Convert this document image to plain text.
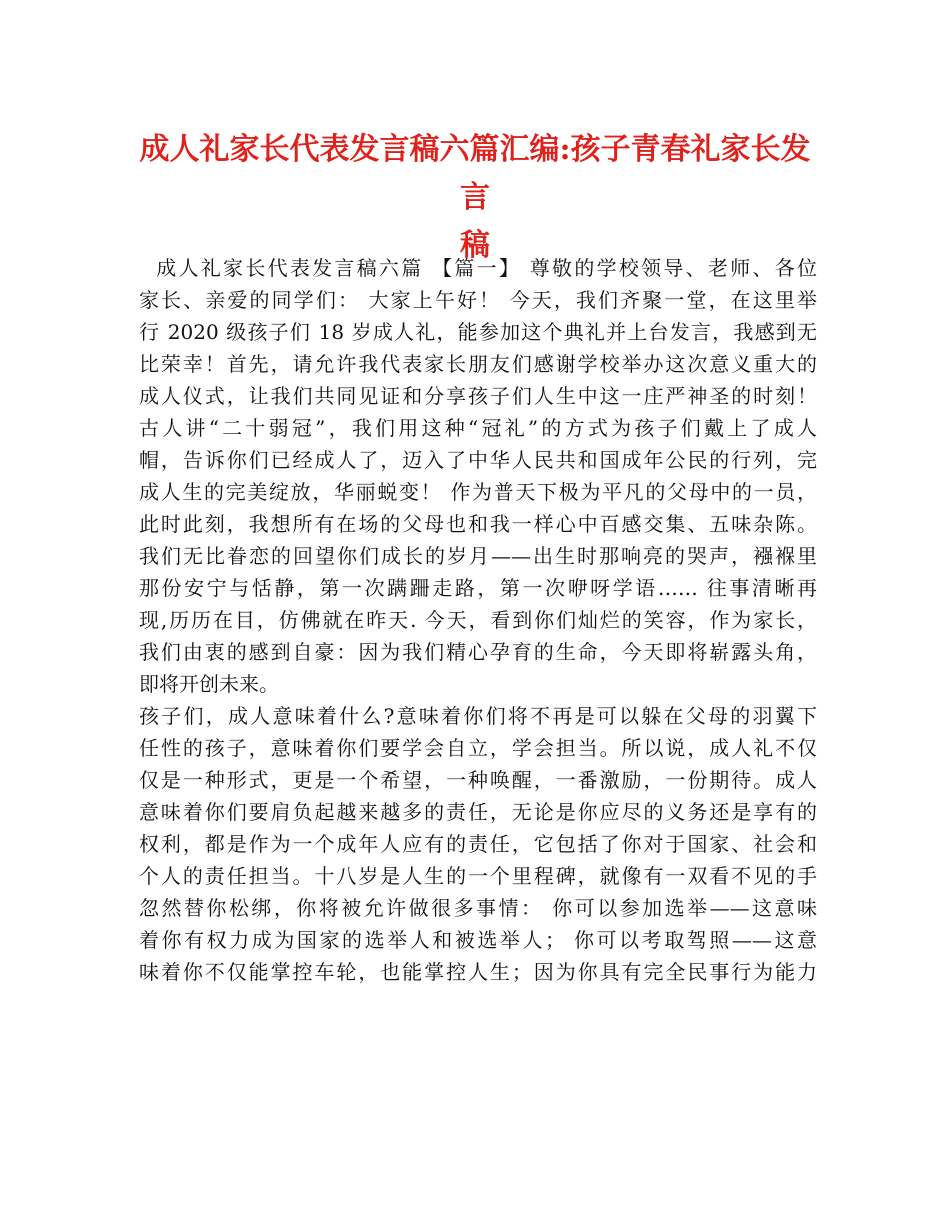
成人礼家长代表发言稿六篇汇编:孩子青春礼家长发言
稿
成人礼家长代表发言稿六篇 【篇一】 尊敬的学校领导、老师、各位
家长、亲爱的同学们： 大家上午好！ 今天，我们齐聚一堂，在这里举
行 2020 级孩子们 18 岁成人礼，能参加这个典礼并上台发言，我感到无
比荣幸！首先，请允许我代表家长朋友们感谢学校举办这次意义重大的
成人仪式，让我们共同见证和分享孩子们人生中这一庄严神圣的时刻！
古人讲“二十弱冠”，我们用这种“冠礼”的方式为孩子们戴上了成人
帽，告诉你们已经成人了，迈入了中华人民共和国成年公民的行列，完
成人生的完美绽放，华丽蜕变！ 作为普天下极为平凡的父母中的一员，
此时此刻，我想所有在场的父母也和我一样心中百感交集、五味杂陈。
我们无比眷恋的回望你们成长的岁月——出生时那响亮的哭声，襁褓里
那份安宁与恬静，第一次蹒跚走路，第一次咿呀学语…… 往事清晰再
现,历历在目，仿佛就在昨天. 今天，看到你们灿烂的笑容，作为家长，
我们由衷的感到自豪：因为我们精心孕育的生命，今天即将崭露头角，
即将开创未来。
孩子们，成人意味着什么?意味着你们将不再是可以躲在父母的羽翼下
任性的孩子，意味着你们要学会自立，学会担当。所以说，成人礼不仅
仅是一种形式，更是一个希望，一种唤醒，一番激励，一份期待。成人
意味着你们要肩负起越来越多的责任，无论是你应尽的义务还是享有的
权利，都是作为一个成年人应有的责任，它包括了你对于国家、社会和
个人的责任担当。十八岁是人生的一个里程碑，就像有一双看不见的手
忽然替你松绑，你将被允许做很多事情： 你可以参加选举——这意味
着你有权力成为国家的选举人和被选举人； 你可以考取驾照——这意
味着你不仅能掌控车轮，也能掌控人生；因为你具有完全民事行为能力
